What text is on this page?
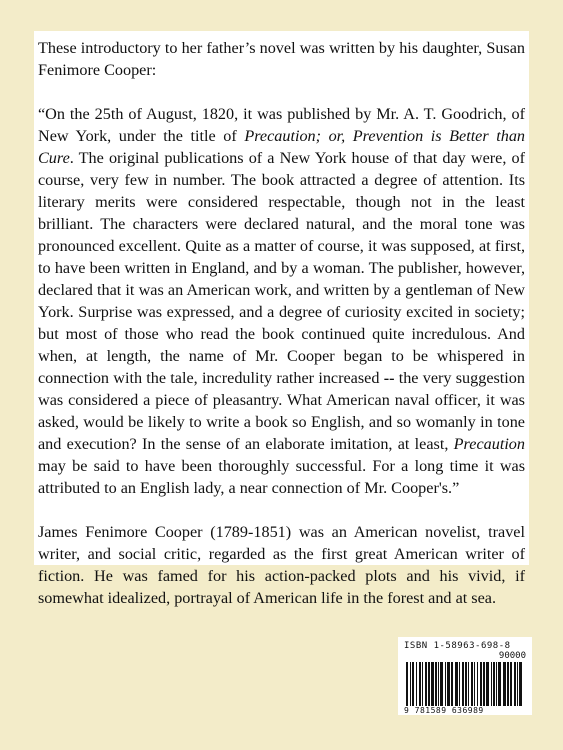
These introductory to her father’s novel was written by his daughter, Susan Fenimore Cooper:

“On the 25th of August, 1820, it was published by Mr. A. T. Goodrich, of New York, under the title of Precaution; or, Prevention is Better than Cure. The original publications of a New York house of that day were, of course, very few in number. The book attracted a degree of attention. Its literary merits were considered respectable, though not in the least brilliant. The characters were declared natural, and the moral tone was pronounced excellent. Quite as a matter of course, it was supposed, at first, to have been written in England, and by a woman. The publisher, however, declared that it was an American work, and written by a gentleman of New York. Surprise was expressed, and a degree of curiosity excited in society; but most of those who read the book continued quite incredulous. And when, at length, the name of Mr. Cooper began to be whispered in connection with the tale, incredulity rather increased -- the very suggestion was considered a piece of pleasantry. What American naval officer, it was asked, would be likely to write a book so English, and so womanly in tone and execution? In the sense of an elaborate imitation, at least, Precaution may be said to have been thoroughly successful. For a long time it was attributed to an English lady, a near connection of Mr. Cooper's.”

James Fenimore Cooper (1789-1851) was an American novelist, travel writer, and social critic, regarded as the first great American writer of fiction. He was famed for his action-packed plots and his vivid, if somewhat idealized, portrayal of American life in the forest and at sea.

ISBN 1-58963-698-8
90000
9 781589 636989
